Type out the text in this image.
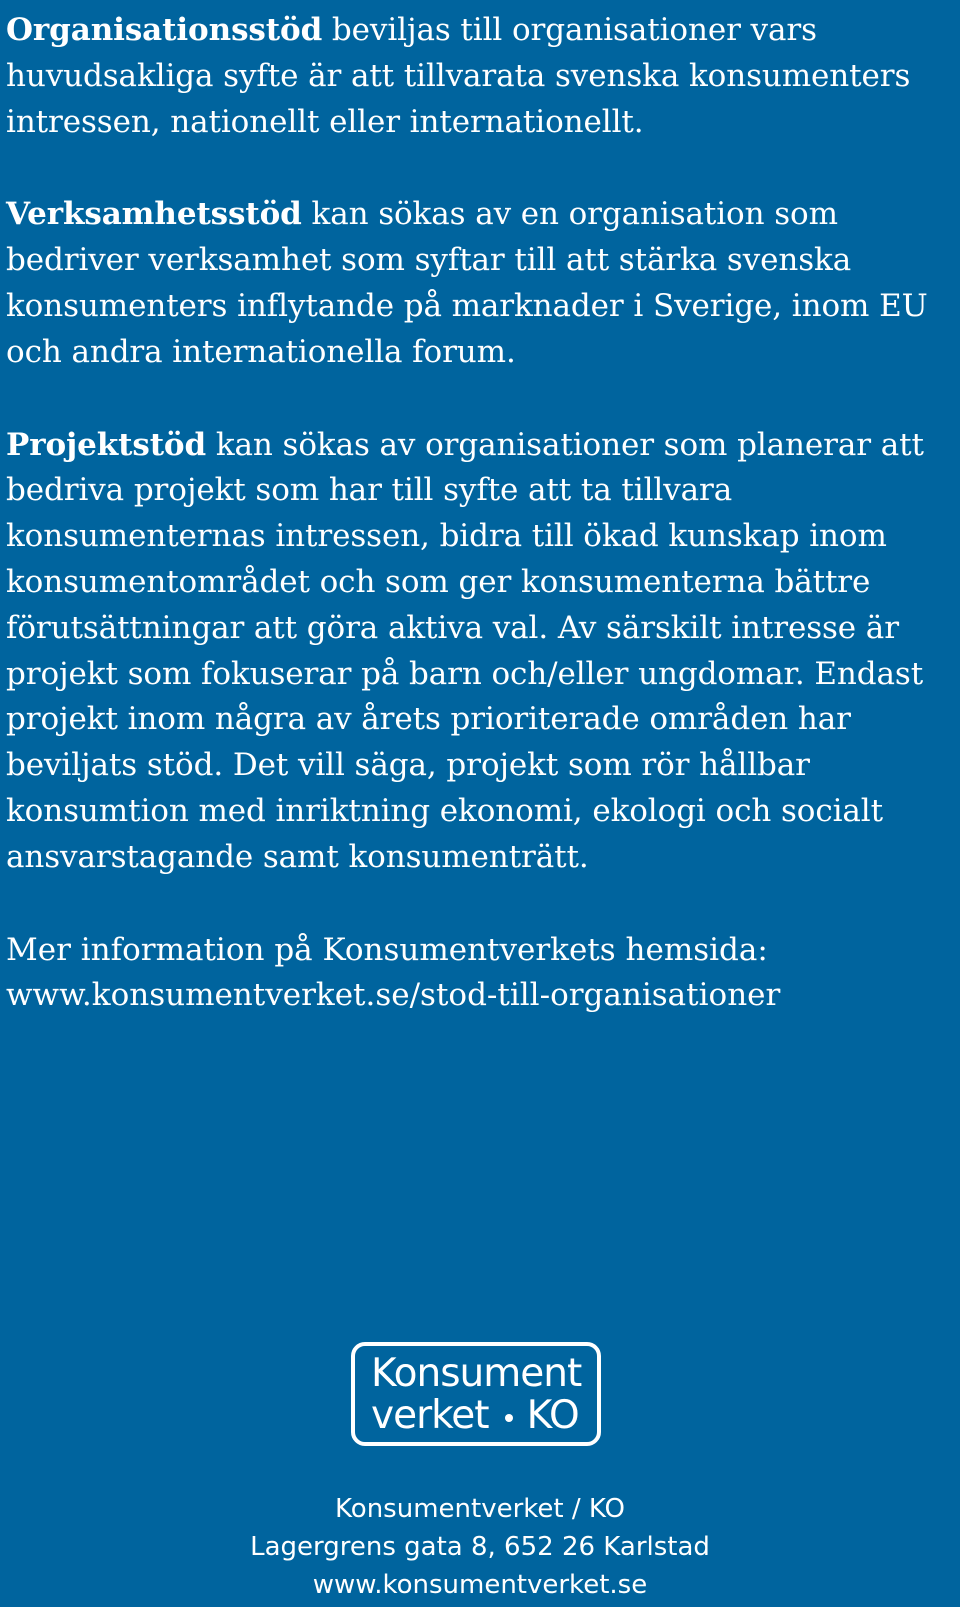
Organisationsstöd beviljas till organisationer vars huvudsakliga syfte är att tillvarata svenska konsumenters intressen, nationellt eller internationellt.

Verksamhetsstöd kan sökas av en organisation som bedriver verksamhet som syftar till att stärka svenska konsumenters inflytande på marknader i Sverige, inom EU och andra internationella forum.

Projektstöd kan sökas av organisationer som planerar att bedriva projekt som har till syfte att ta tillvara konsumenternas intressen, bidra till ökad kunskap inom konsumentområdet och som ger konsumenterna bättre förutsättningar att göra aktiva val. Av särskilt intresse är projekt som fokuserar på barn och/eller ungdomar. Endast projekt inom några av årets prioriterade områden har beviljats stöd. Det vill säga, projekt som rör hållbar konsumtion med inriktning ekonomi, ekologi och socialt ansvarstagande samt konsumenträtt.

Mer information på Konsumentverkets hemsida:
www.konsumentverket.se/stod-till-organisationer

Konsument
verket KO
Konsumentverket / KO
Lagergrens gata 8, 652 26 Karlstad
www.konsumentverket.se
